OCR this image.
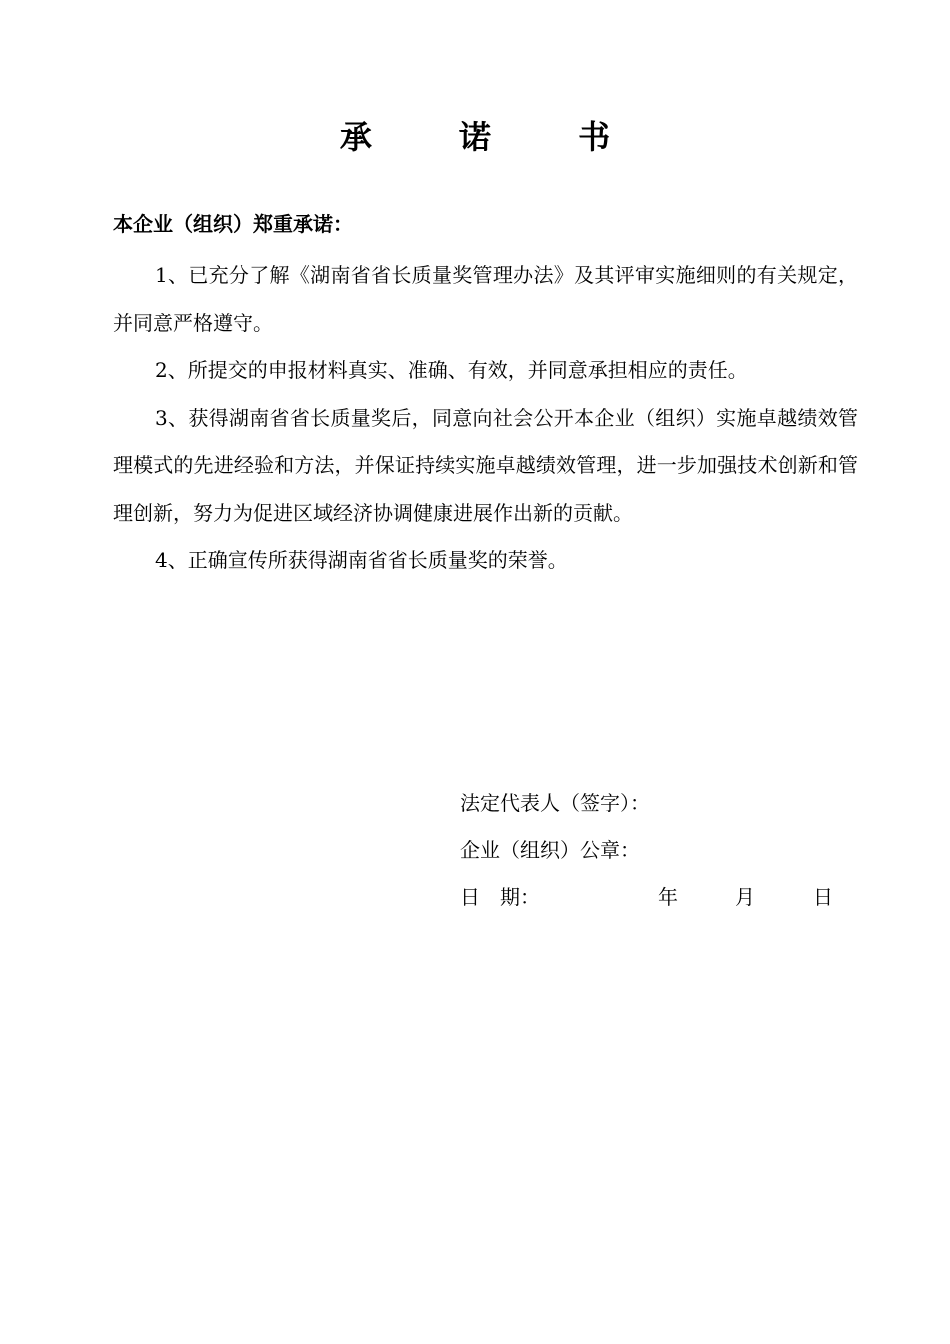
承 诺 书
本企业（组织）郑重承诺：

1、已充分了解《湖南省省长质量奖管理办法》及其评审实施细则的有关规定，并同意严格遵守。

2、所提交的申报材料真实、准确、有效，并同意承担相应的责任。

3、获得湖南省省长质量奖后，同意向社会公开本企业（组织）实施卓越绩效管理模式的先进经验和方法，并保证持续实施卓越绩效管理，进一步加强技术创新和管理创新，努力为促进区域经济协调健康进展作出新的贡献。

4、正确宣传所获得湖南省省长质量奖的荣誉。

法定代表人（签字）：
企业（组织）公章：
日　期：	年	月	日
